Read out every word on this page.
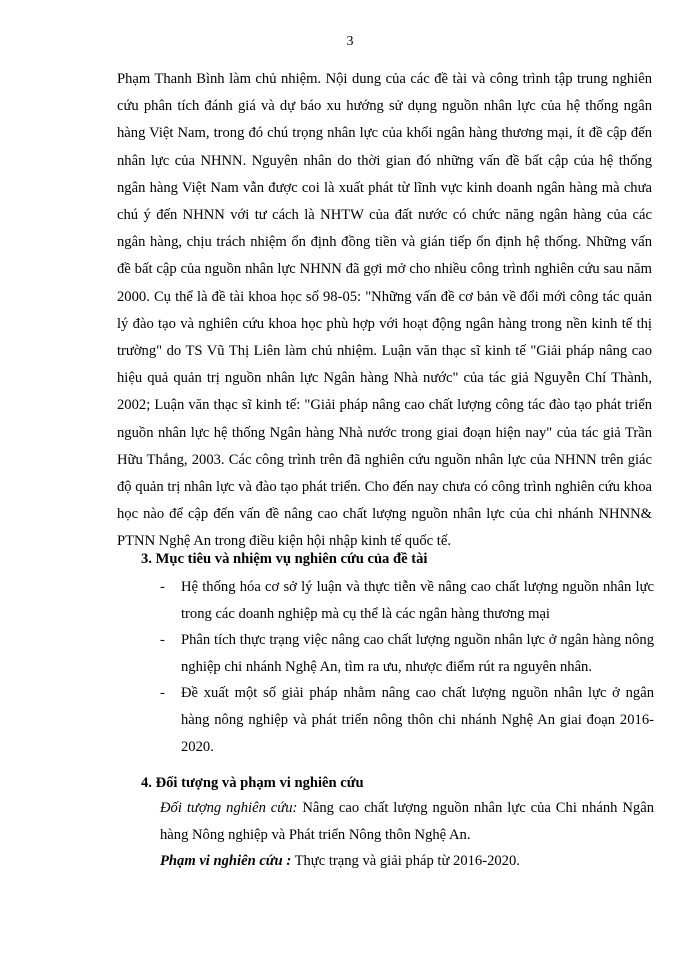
3

Phạm Thanh Bình làm chủ nhiệm. Nội dung của các đề tài và công trình tập trung nghiên cứu phân tích đánh giá và dự báo xu hướng sử dụng nguồn nhân lực của hệ thống ngân hàng Việt Nam, trong đó chú trọng nhân lực của khối ngân hàng thương mại, ít đề cập đến nhân lực của NHNN. Nguyên nhân do thời gian đó những vấn đề bất cập của hệ thống ngân hàng Việt Nam vẫn được coi là xuất phát từ lĩnh vực kinh doanh ngân hàng mà chưa chú ý đến NHNN với tư cách là NHTW của đất nước có chức năng ngân hàng của các ngân hàng, chịu trách nhiệm ổn định đồng tiền và gián tiếp ổn định hệ thống. Những vấn đề bất cập của nguồn nhân lực NHNN đã gợi mở cho nhiều công trình nghiên cứu sau năm 2000. Cụ thể là đề tài khoa học số 98-05: "Những vấn đề cơ bản về đổi mới công tác quản lý đào tạo và nghiên cứu khoa học phù hợp với hoạt động ngân hàng trong nền kinh tế thị trường" do TS Vũ Thị Liên làm chủ nhiệm. Luận văn thạc sĩ kinh tế "Giải pháp nâng cao hiệu quả quản trị nguồn nhân lực Ngân hàng Nhà nước" của tác giả Nguyễn Chí Thành, 2002; Luận văn thạc sĩ kinh tế: "Giải pháp nâng cao chất lượng công tác đào tạo phát triển nguồn nhân lực hệ thống Ngân hàng Nhà nước trong giai đoạn hiện nay" của tác giả Trần Hữu Thắng, 2003. Các công trình trên đã nghiên cứu nguồn nhân lực của NHNN trên giác độ quản trị nhân lực và đào tạo phát triển. Cho đến nay chưa có công trình nghiên cứu khoa học nào để cập đến vấn đề nâng cao chất lượng nguồn nhân lực của chi nhánh NHNN& PTNN Nghệ An trong điều kiện hội nhập kinh tế quốc tế.

3. Mục tiêu và nhiệm vụ nghiên cứu của đề tài

- Hệ thống hóa cơ sở lý luận và thực tiễn về nâng cao chất lượng nguồn nhân lực trong các doanh nghiệp mà cụ thể là các ngân hàng thương mại
- Phân tích thực trạng việc nâng cao chất lượng nguồn nhân lực ở ngân hàng nông nghiệp chi nhánh Nghệ An, tìm ra ưu, nhược điểm rút ra nguyên nhân.
- Đề xuất một số giải pháp nhằm nâng cao chất lượng nguồn nhân lực ở ngân hàng nông nghiệp và phát triển nông thôn chi nhánh Nghệ An giai đoạn 2016-2020.

4. Đối tượng và phạm vi nghiên cứu

Đối tượng nghiên cứu: Nâng cao chất lượng nguồn nhân lực của Chi nhánh Ngân hàng Nông nghiệp và Phát triển Nông thôn Nghệ An.

Phạm vi nghiên cứu : Thực trạng và giải pháp từ 2016-2020.
